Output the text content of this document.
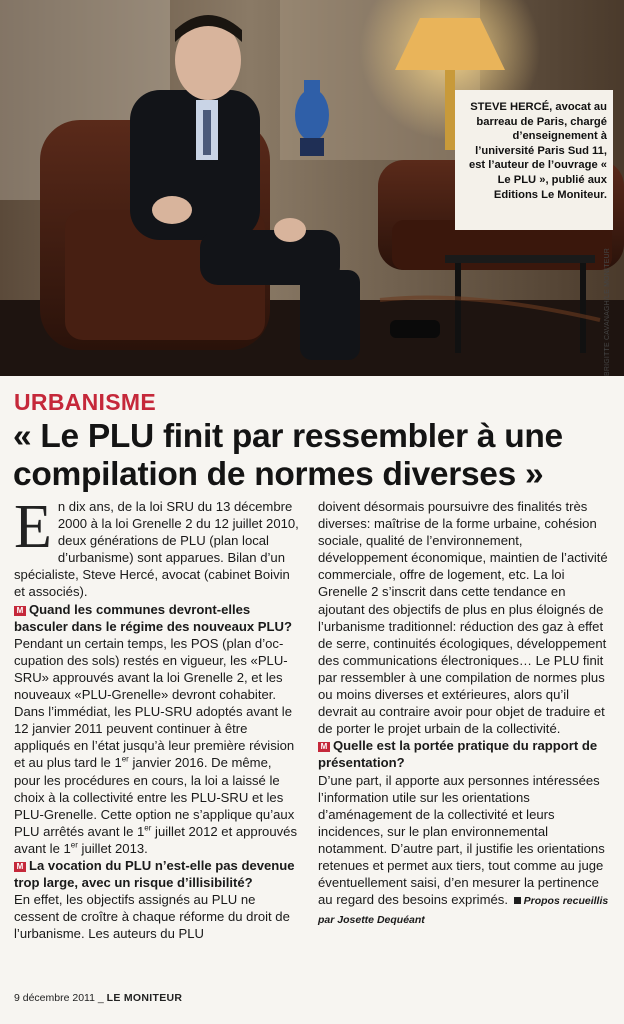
STEVE HERCÉ, avocat au barreau de Paris, chargé d’enseignement à l’université Paris Sud 11, est l’auteur de l’ouvrage « Le PLU », publié aux Editions Le Moniteur.
BRIGITTE CAVANAGH/LE MONITEUR
URBANISME
« Le PLU finit par ressembler à une compilation de normes diverses »

En dix ans, de la loi SRU du 13 décembre 2000 à la loi Grenelle 2 du 12 juillet 2010, deux générations de PLU (plan local d’urbanisme) sont apparues. Bilan d’un spécialiste, Steve Hercé, avocat (cabinet Boivin et associés).

M Quand les communes devront-elles basculer dans le régime des nouveaux PLU?

Pendant un certain temps, les POS (plan d’occupation des sols) restés en vigueur, les «PLU-SRU» approuvés avant la loi Grenelle 2, et les nouveaux «PLU-Grenelle» devront cohabiter. Dans l’immédiat, les PLU-SRU adoptés avant le 12 janvier 2011 peuvent continuer à être appliqués en l’état jusqu’à leur première révision et au plus tard le 1er janvier 2016. De même, pour les procédures en cours, la loi a laissé le choix à la collectivité entre les PLU-SRU et les PLU-Grenelle. Cette option ne s’applique qu’aux PLU arrêtés avant le 1er juillet 2012 et approuvés avant le 1er juillet 2013.

M La vocation du PLU n’est-elle pas devenue trop large, avec un risque d’illisibilité?

En effet, les objectifs assignés au PLU ne cessent de croître à chaque réforme du droit de l’urbanisme. Les auteurs du PLU

doivent désormais poursuivre des finalités très diverses: maîtrise de la forme urbaine, cohésion sociale, qualité de l’environnement, développement économique, maintien de l’activité commerciale, offre de logement, etc. La loi Grenelle 2 s’inscrit dans cette tendance en ajoutant des objectifs de plus en plus éloignés de l’urbanisme traditionnel: réduction des gaz à effet de serre, continuités écologiques, développement des communications électroniques… Le PLU finit par ressembler à une compilation de normes plus ou moins diverses et extérieures, alors qu’il devrait au contraire avoir pour objet de traduire et de porter le projet urbain de la collectivité.

M Quelle est la portée pratique du rapport de présentation?

D’une part, il apporte aux personnes intéressées l’information utile sur les orientations d’aménagement de la collectivité et leurs incidences, sur le plan environnemental notamment. D’autre part, il justifie les orientations retenues et permet aux tiers, tout comme au juge éventuellement saisi, d’en mesurer la pertinence au regard des besoins exprimés. Propos recueillis par Josette Dequéant

9 décembre 2011 _ LE MONITEUR
